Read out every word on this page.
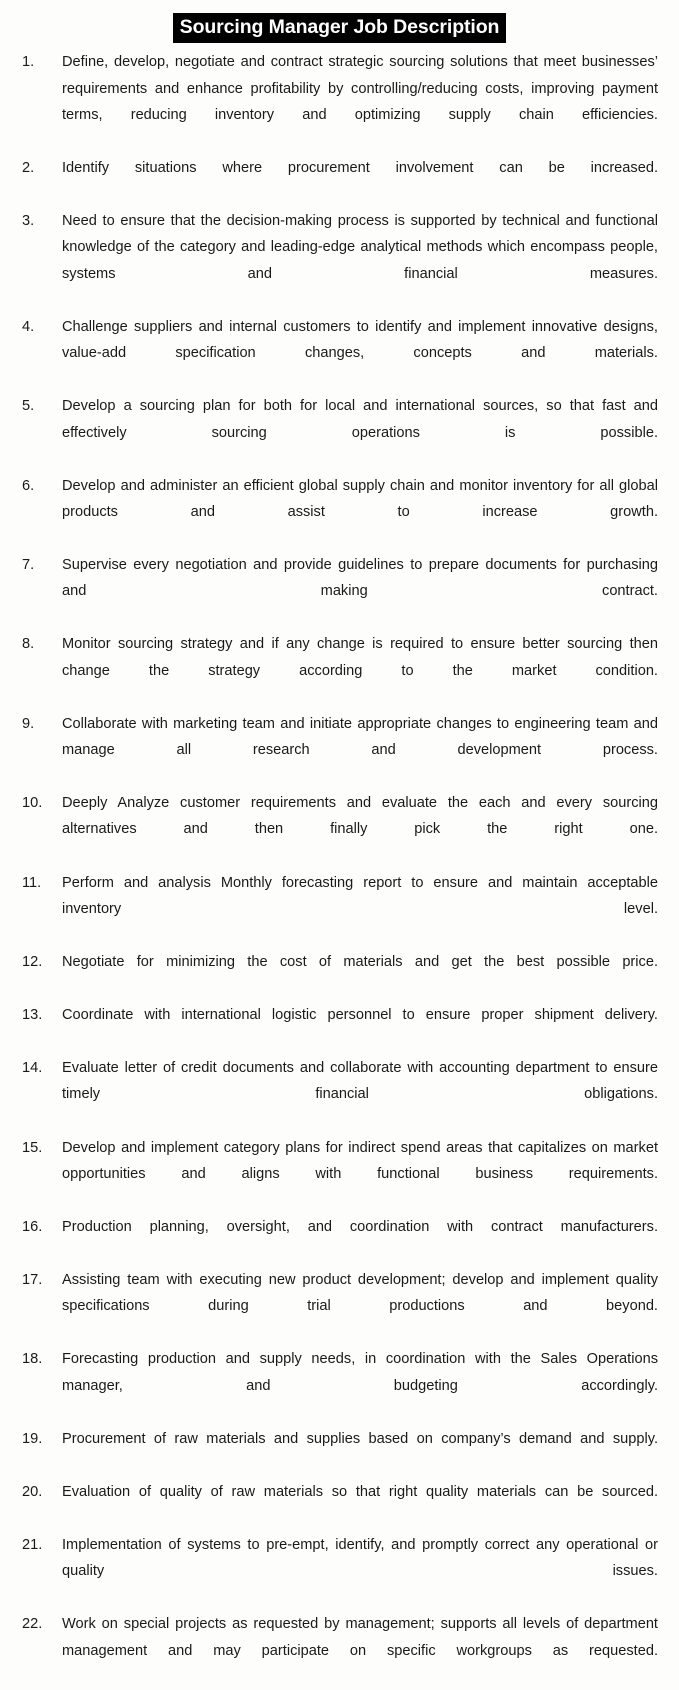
Sourcing Manager Job Description
1.	Define, develop, negotiate and contract strategic sourcing solutions that meet businesses’ requirements and enhance profitability by controlling/reducing costs, improving payment terms, reducing inventory and optimizing supply chain efficiencies.
2.	Identify situations where procurement involvement can be increased.
3.	Need to ensure that the decision-making process is supported by technical and functional knowledge of the category and leading-edge analytical methods which encompass people, systems and financial measures.
4.	Challenge suppliers and internal customers to identify and implement innovative designs, value-add specification changes, concepts and materials.
5.	Develop a sourcing plan for both for local and international sources, so that fast and effectively sourcing operations is possible.
6.	Develop and administer an efficient global supply chain and monitor inventory for all global products and assist to increase growth.
7.	Supervise every negotiation and provide guidelines to prepare documents for purchasing and making contract.
8.	Monitor sourcing strategy and if any change is required to ensure better sourcing then change the strategy according to the market condition.
9.	Collaborate with marketing team and initiate appropriate changes to engineering team and manage all research and development process.
10.	Deeply Analyze customer requirements and evaluate the each and every sourcing alternatives and then finally pick the right one.
11.	Perform and analysis Monthly forecasting report to ensure and maintain acceptable inventory level.
12.	Negotiate for minimizing the cost of materials and get the best possible price.
13.	Coordinate with international logistic personnel to ensure proper shipment delivery.
14.	Evaluate letter of credit documents and collaborate with accounting department to ensure timely financial obligations.
15.	Develop and implement category plans for indirect spend areas that capitalizes on market opportunities and aligns with functional business requirements.
16.	Production planning, oversight, and coordination with contract manufacturers.
17.	Assisting team with executing new product development; develop and implement quality specifications during trial productions and beyond.
18.	Forecasting production and supply needs, in coordination with the Sales Operations manager, and budgeting accordingly.
19.	Procurement of raw materials and supplies based on company’s demand and supply.
20.	Evaluation of quality of raw materials so that right quality materials can be sourced.
21.	Implementation of systems to pre-empt, identify, and promptly correct any operational or quality issues.
22.	Work on special projects as requested by management; supports all levels of department management and may participate on specific workgroups as requested.
